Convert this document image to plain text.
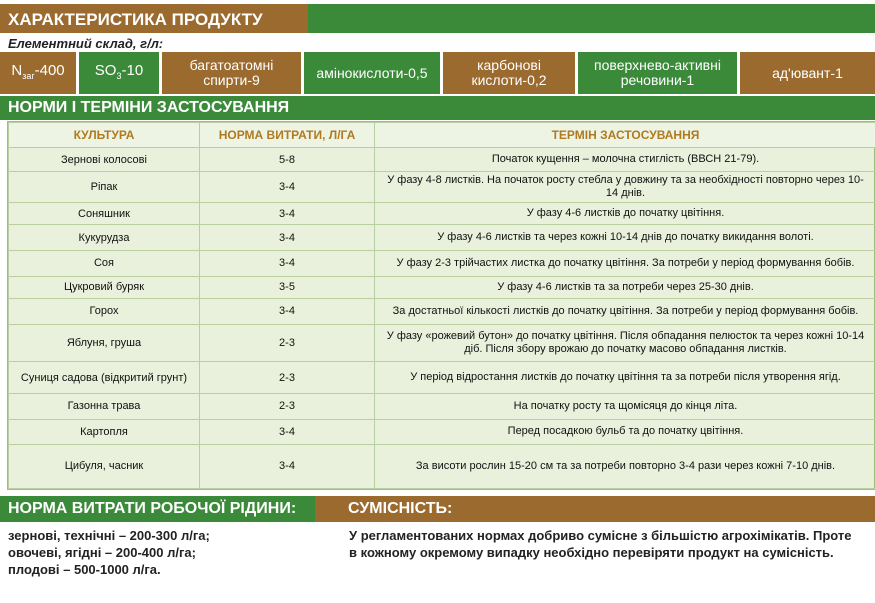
ХАРАКТЕРИСТИКА ПРОДУКТУ
Елементний склад, г/л:
$N_{заг}-400$ $SO_3-10$	багатоатомні спирти-9	амінокислоти-0,5	карбонові кислоти-0,2
поверхнево-активні речовини-1	ад'ювант-1
НОРМИ І ТЕРМІНИ ЗАСТОСУВАННЯ
КУЛЬТУРА	НОРМА ВИТРАТИ, Л/ГА	ТЕРМІН ЗАСТОСУВАННЯ
Зернові колосові	5-8	Початок кущення – молочна стиглість (ВВСН 21-79).
Ріпак	3-4	У фазу 4-8 листків. На початок росту стебла у довжину та за необхідності повторно через 10-14 днів.
Соняшник	3-4	У фазу 4-6 листків до початку цвітіння.
Кукурудза	3-4	У фазу 4-6 листків та через кожні 10-14 днів до початку викидання волоті.
Соя	3-4	У фазу 2-3 трійчастих листка до початку цвітіння. За потреби у період формування бобів.
Цукровий буряк	3-5	У фазу 4-6 листків та за потреби через 25-30 днів.
Горох	3-4	За достатньої кількості листків до початку цвітіння. За потреби у період формування бобів.
Яблуня, груша	2-3	У фазу «рожевий бутон» до початку цвітіння. Після обпадання пелюсток та через кожні 10-14 діб. Після збору врожаю до початку масово обпадання листків.
Суниця садова (відкритий грунт)	2-3	У період відростання листків до початку цвітіння та за потреби після утворення ягід.
Газонна трава	2-3	На початку росту та щомісяця до кінця літа.
Картопля	3-4	Перед посадкою бульб та до початку цвітіння.
Цибуля, часник	3-4	За висоти рослин 15-20 см та за потреби повторно 3-4 рази через кожні 7-10 днів.
НОРМА ВИТРАТИ РОБОЧОЇ РІДИНИ:	СУМІСНІСТЬ:
зернові, технічні – 200-300 л/га;
овочеві, ягідні – 200-400 л/га;
плодові – 500-1000 л/га.
У регламентованих нормах добриво сумісне з більшістю агрохімікатів. Проте
в кожному окремому випадку необхідно перевіряти продукт на сумісність.
